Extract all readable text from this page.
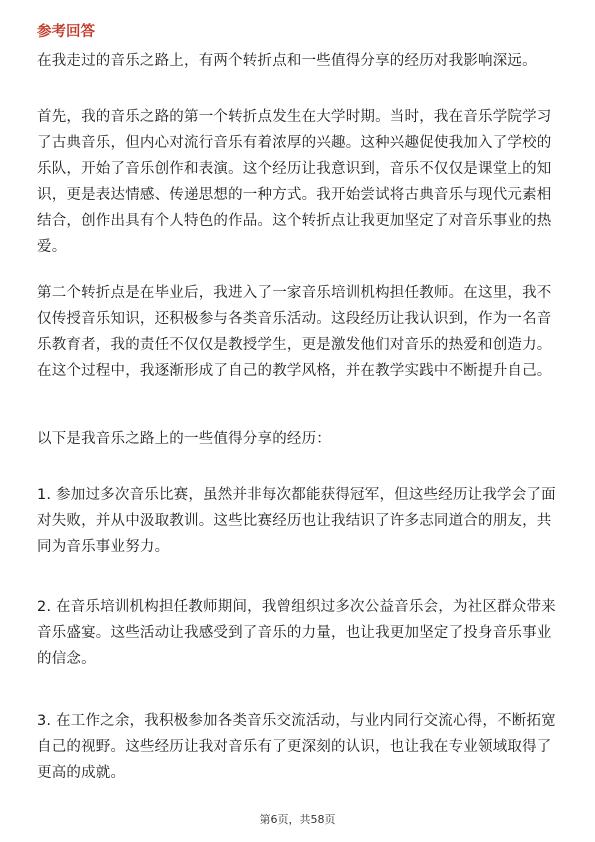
参考回答

在我走过的音乐之路上，有两个转折点和一些值得分享的经历对我影响深远。

首先，我的音乐之路的第一个转折点发生在大学时期。当时，我在音乐学院学习了古典音乐，但内心对流行音乐有着浓厚的兴趣。这种兴趣促使我加入了学校的乐队，开始了音乐创作和表演。这个经历让我意识到，音乐不仅仅是课堂上的知识，更是表达情感、传递思想的一种方式。我开始尝试将古典音乐与现代元素相结合，创作出具有个人特色的作品。这个转折点让我更加坚定了对音乐事业的热爱。

第二个转折点是在毕业后，我进入了一家音乐培训机构担任教师。在这里，我不仅传授音乐知识，还积极参与各类音乐活动。这段经历让我认识到，作为一名音乐教育者，我的责任不仅仅是教授学生，更是激发他们对音乐的热爱和创造力。在这个过程中，我逐渐形成了自己的教学风格，并在教学实践中不断提升自己。

以下是我音乐之路上的一些值得分享的经历：

1. 参加过多次音乐比赛，虽然并非每次都能获得冠军，但这些经历让我学会了面对失败，并从中汲取教训。这些比赛经历也让我结识了许多志同道合的朋友，共同为音乐事业努力。

2. 在音乐培训机构担任教师期间，我曾组织过多次公益音乐会，为社区群众带来音乐盛宴。这些活动让我感受到了音乐的力量，也让我更加坚定了投身音乐事业的信念。

3. 在工作之余，我积极参加各类音乐交流活动，与业内同行交流心得，不断拓宽自己的视野。这些经历让我对音乐有了更深刻的认识，也让我在专业领域取得了更高的成就。

第6页，共58页
